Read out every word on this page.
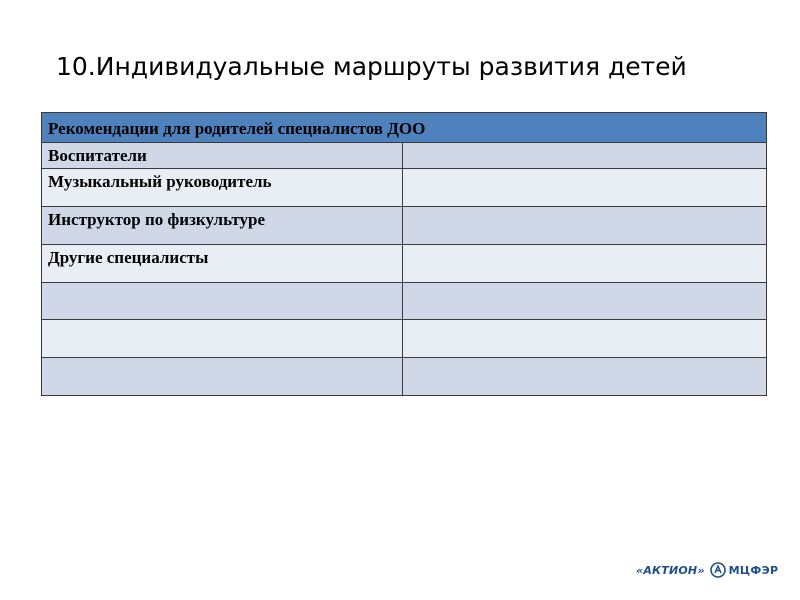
10.Индивидуальные маршруты развития детей
Рекомендации для родителей специалистов ДОО	
Воспитатели	
Музыкальный руководитель	
Инструктор по физкультуре	
Другие специалисты	

«АКТИОН» МЦФЭР
